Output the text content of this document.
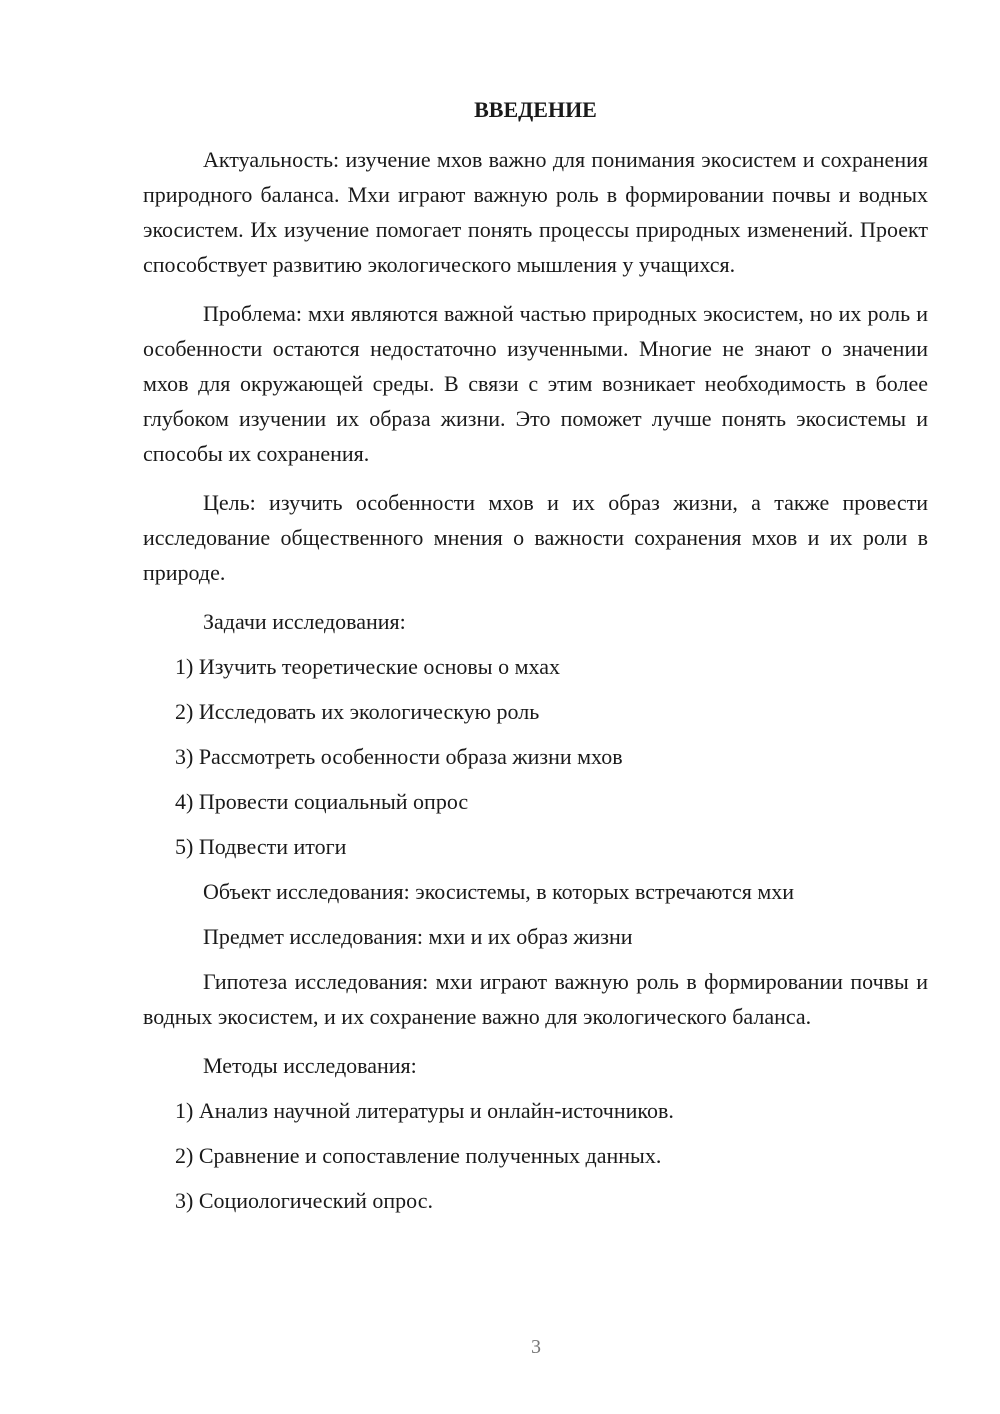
ВВЕДЕНИЕ

Актуальность: изучение мхов важно для понимания экосистем и сохранения природного баланса. Мхи играют важную роль в формировании почвы и водных экосистем. Их изучение помогает понять процессы природных изменений. Проект способствует развитию экологического мышления у учащихся.

Проблема: мхи являются важной частью природных экосистем, но их роль и особенности остаются недостаточно изученными. Многие не знают о значении мхов для окружающей среды. В связи с этим возникает необходимость в более глубоком изучении их образа жизни. Это поможет лучше понять экосистемы и способы их сохранения.

Цель: изучить особенности мхов и их образ жизни, а также провести исследование общественного мнения о важности сохранения мхов и их роли в природе.

Задачи исследования:
1) Изучить теоретические основы о мхах
2) Исследовать их экологическую роль
3) Рассмотреть особенности образа жизни мхов
4) Провести социальный опрос
5) Подвести итоги
Объект исследования: экосистемы, в которых встречаются мхи
Предмет исследования: мхи и их образ жизни

Гипотеза исследования: мхи играют важную роль в формировании почвы и водных экосистем, и их сохранение важно для экологического баланса.

Методы исследования:
1) Анализ научной литературы и онлайн-источников.
2) Сравнение и сопоставление полученных данных.
3) Социологический опрос.
3
